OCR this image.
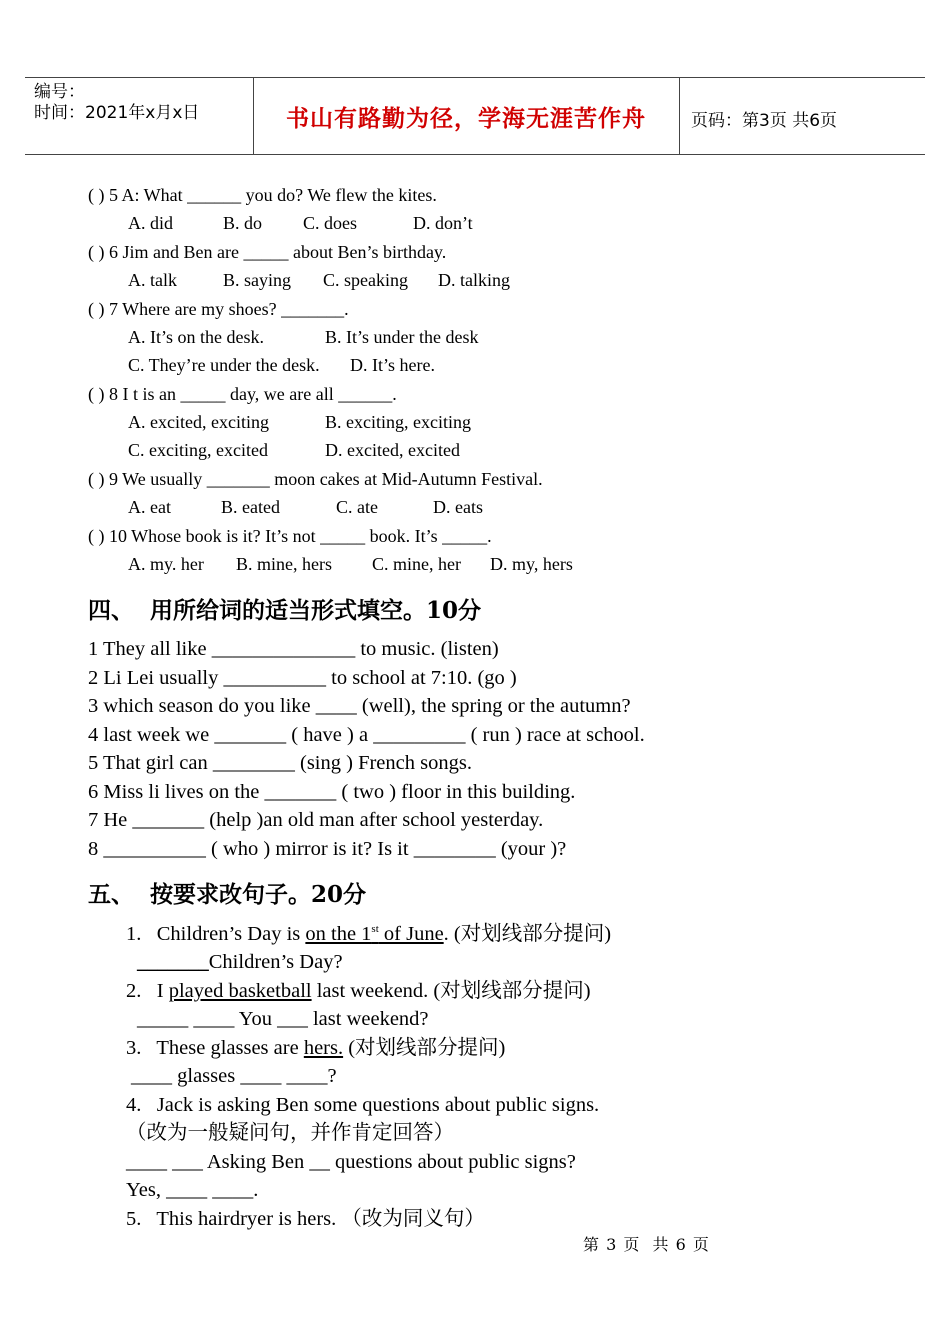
编号：
时间：2021年x月x日	书山有路勤为径，学海无涯苦作舟	页码：第3页 共6页
( ) 5 A: What ______ you do? We flew the kites.
A. did	B. do C. does	D. don’t
( ) 6 Jim and Ben are _____ about Ben’s birthday.
A. talk	B. saying C. speaking D. talking
( ) 7 Where are my shoes? _______.
A. It’s on the desk.	B. It’s under the desk
C. They’re under the desk. D. It’s here.
( ) 8 I t is an _____ day, we are all ______.
A. excited, exciting	B. exciting, exciting
C. exciting, excited	D. excited, excited
( ) 9 We usually _______ moon cakes at Mid-Autumn Festival.
A. eat	B. eated	C. ate	D. eats
( ) 10 Whose book is it? It’s not _____ book. It’s _____.
A. my. her B. mine, hers C. mine, her D. my, hers
四、  用所给词的适当形式填空。10分
1 They all like ______________ to music. (listen)
2 Li Lei usually __________ to school at 7:10. (go )
3 which season do you like ____ (well), the spring or the autumn?
4 last week we _______ ( have ) a _________ ( run ) race at school.
5 That girl can ________ (sing ) French songs.
6 Miss li lives on the _______ ( two ) floor in this building.
7 He _______ (help )an old man after school yesterday.
8 __________ ( who ) mirror is it? Is it ________ (your )?
五、  按要求改句子。20分
1.   Children’s Day is on the 1st of June. (对划线部分提问)
_______Children’s Day?
2.   I played basketball last weekend. (对划线部分提问)
_____ ____ You ___ last weekend?
3.   These glasses are hers. (对划线部分提问)
____ glasses ____ ____?
4.   Jack is asking Ben some questions about public signs.
（改为一般疑问句，并作肯定回答）
____ ___ Asking Ben __ questions about public signs?
Yes, ____ ____.
5.   This hairdryer is hers. （改为同义句）
第 3 页  共 6 页
